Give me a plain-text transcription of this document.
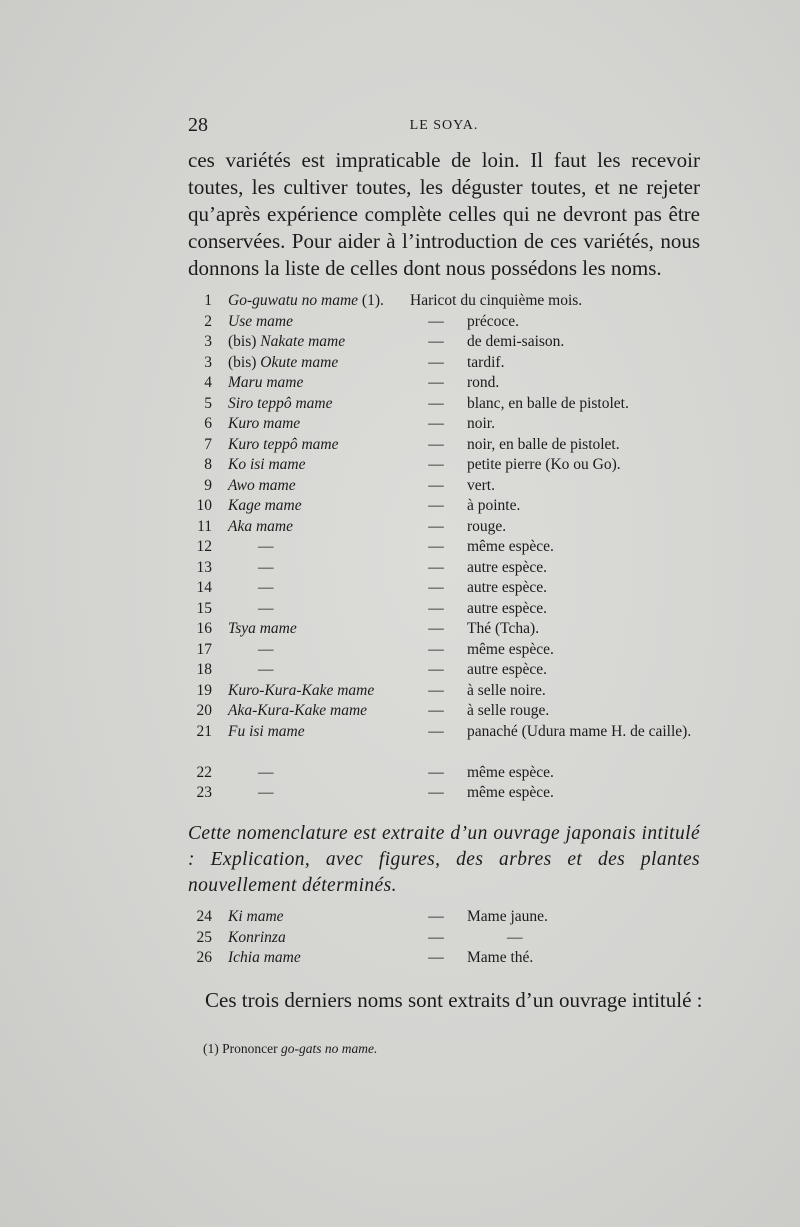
28	LE SOYA.
ces variétés est impraticable de loin. Il faut les recevoir toutes, les cultiver toutes, les déguster toutes, et ne rejeter qu’après expérience complète celles qui ne devront pas être conservées. Pour aider à l’introduction de ces variétés, nous donnons la liste de celles dont nous possédons les noms.
1 Go-guwatu no mame (1). Haricot du cinquième mois.
2 Use mame	— précoce.
3 (bis) Nakate mame	— de demi-saison.
3 (bis) Okute mame	— tardif.
4 Maru mame	— rond.
5 Siro teppô mame	— blanc, en balle de pistolet.
6 Kuro mame	— noir.
7 Kuro teppô mame	— noir, en balle de pistolet.
8 Ko isi mame	— petite pierre (Ko ou Go).
9 Awo mame	— vert.
10 Kage mame	— à pointe.
11 Aka mame	— rouge.
12	—	— même espèce.
13	—	— autre espèce.
14	—	— autre espèce.
15	—	— autre espèce.
16 Tsya mame	— Thé (Tcha).
17	—	— même espèce.
18	—	— autre espèce.
19 Kuro-Kura-Kake mame	— à selle noire.
20 Aka-Kura-Kake mame	— à selle rouge.
21 Fu isi mame	— panaché (Udura mame H. de caille).
22	—	— même espèce.
23	—	— même espèce.
Cette nomenclature est extraite d’un ouvrage japonais intitulé : Explication, avec figures, des arbres et des plantes nouvellement déterminés.
24 Ki mame	— Mame jaune.
25 Konrinza	—	—
26 Ichia mame	— Mame thé.
Ces trois derniers noms sont extraits d’un ouvrage intitulé :
(1) Prononcer go-gats no mame.
